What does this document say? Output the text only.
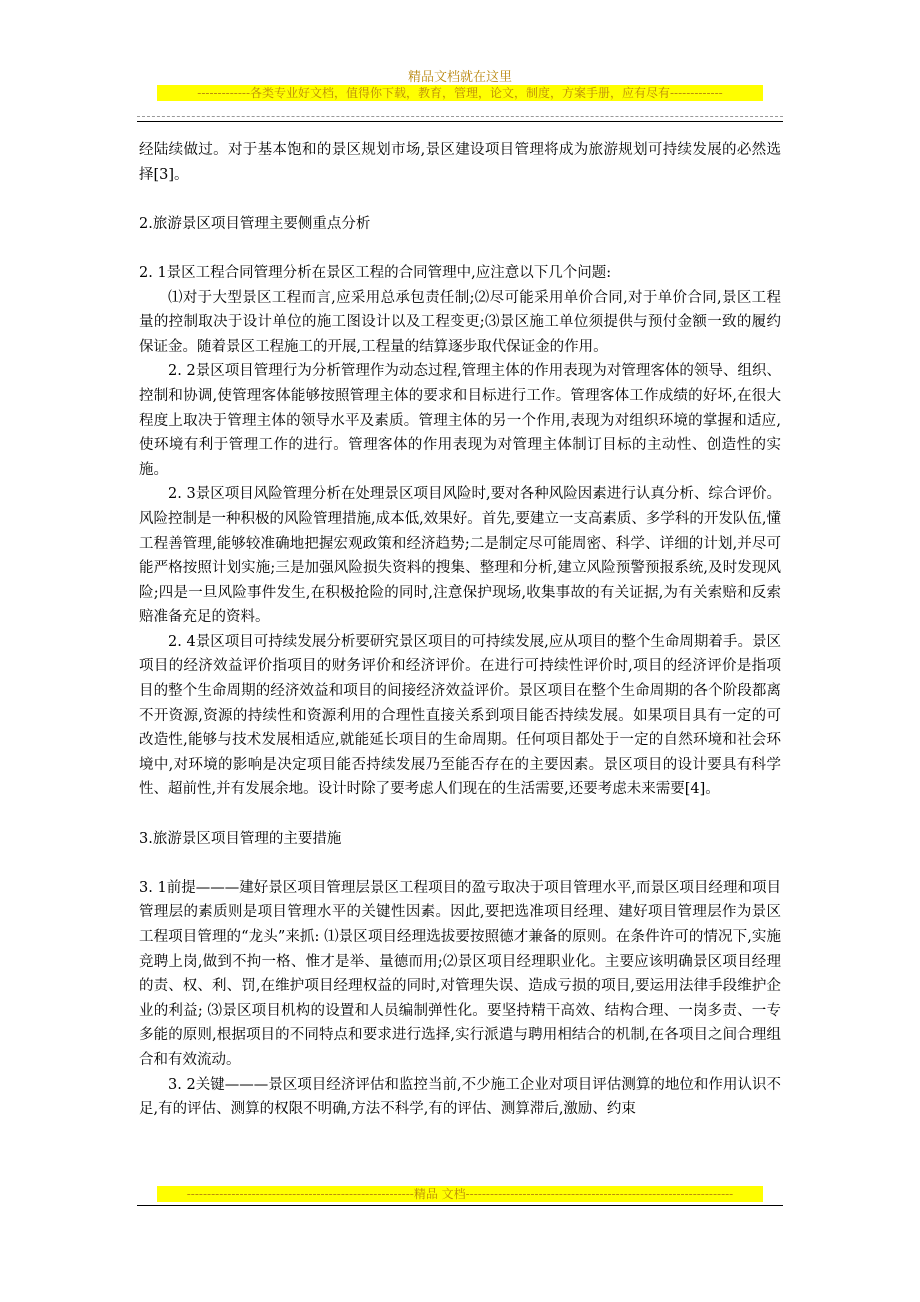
精品文档就在这里
-------------各类专业好文档，值得你下载，教育，管理，论文，制度，方案手册，应有尽有-------------

经陆续做过。对于基本饱和的景区规划市场,景区建设项目管理将成为旅游规划可持续发展的必然选择[3]。

2.旅游景区项目管理主要侧重点分析

2. 1景区工程合同管理分析在景区工程的合同管理中,应注意以下几个问题:

⑴对于大型景区工程而言,应采用总承包责任制;⑵尽可能采用单价合同,对于单价合同,景区工程量的控制取决于设计单位的施工图设计以及工程变更;⑶景区施工单位须提供与预付金额一致的履约保证金。随着景区工程施工的开展,工程量的结算逐步取代保证金的作用。

2. 2景区项目管理行为分析管理作为动态过程,管理主体的作用表现为对管理客体的领导、组织、控制和协调,使管理客体能够按照管理主体的要求和目标进行工作。管理客体工作成绩的好坏,在很大程度上取决于管理主体的领导水平及素质。管理主体的另一个作用,表现为对组织环境的掌握和适应,使环境有利于管理工作的进行。管理客体的作用表现为对管理主体制订目标的主动性、创造性的实施。

2. 3景区项目风险管理分析在处理景区项目风险时,要对各种风险因素进行认真分析、综合评价。风险控制是一种积极的风险管理措施,成本低,效果好。首先,要建立一支高素质、多学科的开发队伍,懂工程善管理,能够较准确地把握宏观政策和经济趋势;二是制定尽可能周密、科学、详细的计划,并尽可能严格按照计划实施;三是加强风险损失资料的搜集、整理和分析,建立风险预警预报系统,及时发现风险;四是一旦风险事件发生,在积极抢险的同时,注意保护现场,收集事故的有关证据,为有关索赔和反索赔准备充足的资料。

2. 4景区项目可持续发展分析要研究景区项目的可持续发展,应从项目的整个生命周期着手。景区项目的经济效益评价指项目的财务评价和经济评价。在进行可持续性评价时,项目的经济评价是指项目的整个生命周期的经济效益和项目的间接经济效益评价。景区项目在整个生命周期的各个阶段都离不开资源,资源的持续性和资源利用的合理性直接关系到项目能否持续发展。如果项目具有一定的可改造性,能够与技术发展相适应,就能延长项目的生命周期。任何项目都处于一定的自然环境和社会环境中,对环境的影响是决定项目能否持续发展乃至能否存在的主要因素。景区项目的设计要具有科学性、超前性,并有发展余地。设计时除了要考虑人们现在的生活需要,还要考虑未来需要[4]。

3.旅游景区项目管理的主要措施

3. 1前提———建好景区项目管理层景区工程项目的盈亏取决于项目管理水平,而景区项目经理和项目管理层的素质则是项目管理水平的关键性因素。因此,要把选准项目经理、建好项目管理层作为景区工程项目管理的“龙头”来抓: ⑴景区项目经理选拔要按照德才兼备的原则。在条件许可的情况下,实施竞聘上岗,做到不拘一格、惟才是举、量德而用;⑵景区项目经理职业化。主要应该明确景区项目经理的责、权、利、罚,在维护项目经理权益的同时,对管理失误、造成亏损的项目,要运用法律手段维护企业的利益; ⑶景区项目机构的设置和人员编制弹性化。要坚持精干高效、结构合理、一岗多责、一专多能的原则,根据项目的不同特点和要求进行选择,实行派遣与聘用相结合的机制,在各项目之间合理组合和有效流动。

3. 2关键———景区项目经济评估和监控当前,不少施工企业对项目评估测算的地位和作用认识不足,有的评估、测算的权限不明确,方法不科学,有的评估、测算滞后,激励、约束

--------------------------------------------------------精品 文档------------------------------------------------------------------
